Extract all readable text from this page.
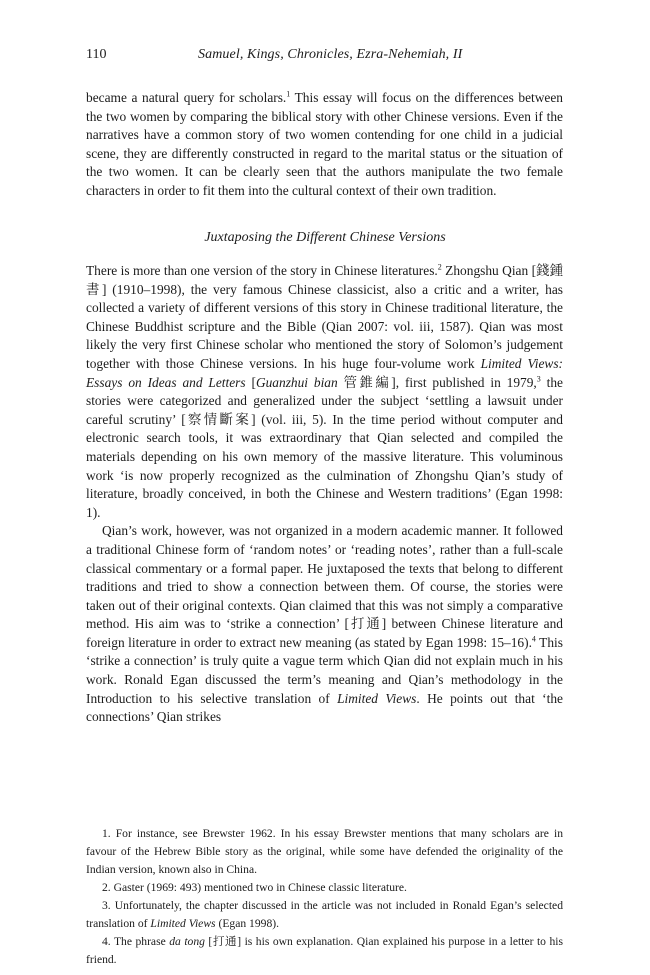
110	Samuel, Kings, Chronicles, Ezra-Nehemiah, II
became a natural query for scholars.$^1$ This essay will focus on the differences between the two women by comparing the biblical story with other Chinese versions. Even if the narratives have a common story of two women contending for one child in a judicial scene, they are differently constructed in regard to the marital status or the situation of the two women. It can be clearly seen that the authors manipulate the two female characters in order to fit them into the cultural context of their own tradition.
Juxtaposing the Different Chinese Versions

There is more than one version of the story in Chinese literatures.$^2$ Zhongshu Qian [錢鍾書] (1910–1998), the very famous Chinese classicist, also a critic and a writer, has collected a variety of different versions of this story in Chinese traditional literature, the Chinese Buddhist scripture and the Bible (Qian 2007: vol. iii, 1587). Qian was most likely the very first Chinese scholar who mentioned the story of Solomon’s judgement together with those Chinese versions. In his huge four-volume work Limited Views: Essays on Ideas and Letters [Guanzhui bian 管錐編], first published in 1979,$^3$ the stories were categorized and generalized under the subject ‘settling a lawsuit under careful scrutiny’ [察情斷案] (vol. iii, 5). In the time period without computer and electronic search tools, it was extraordinary that Qian selected and compiled the materials depending on his own memory of the massive literature. This voluminous work ‘is now properly recognized as the culmination of Zhongshu Qian’s study of literature, broadly conceived, in both the Chinese and Western traditions’ (Egan 1998: 1).

Qian’s work, however, was not organized in a modern academic manner. It followed a traditional Chinese form of ‘random notes’ or ‘reading notes’, rather than a full-scale classical commentary or a formal paper. He juxtaposed the texts that belong to different traditions and tried to show a connection between them. Of course, the stories were taken out of their original contexts. Qian claimed that this was not simply a comparative method. His aim was to ‘strike a connection’ [打通] between Chinese literature and foreign literature in order to extract new meaning (as stated by Egan 1998: 15–16).$^4$ This ‘strike a connection’ is truly quite a vague term which Qian did not explain much in his work. Ronald Egan discussed the term’s meaning and Qian’s methodology in the Introduction to his selective translation of Limited Views. He points out that ‘the connections’ Qian strikes

1. For instance, see Brewster 1962. In his essay Brewster mentions that many scholars are in favour of the Hebrew Bible story as the original, while some have defended the originality of the Indian version, known also in China.

2. Gaster (1969: 493) mentioned two in Chinese classic literature.

3. Unfortunately, the chapter discussed in the article was not included in Ronald Egan’s selected translation of Limited Views (Egan 1998).

4. The phrase da tong [打通] is his own explanation. Qian explained his purpose in a letter to his friend.
